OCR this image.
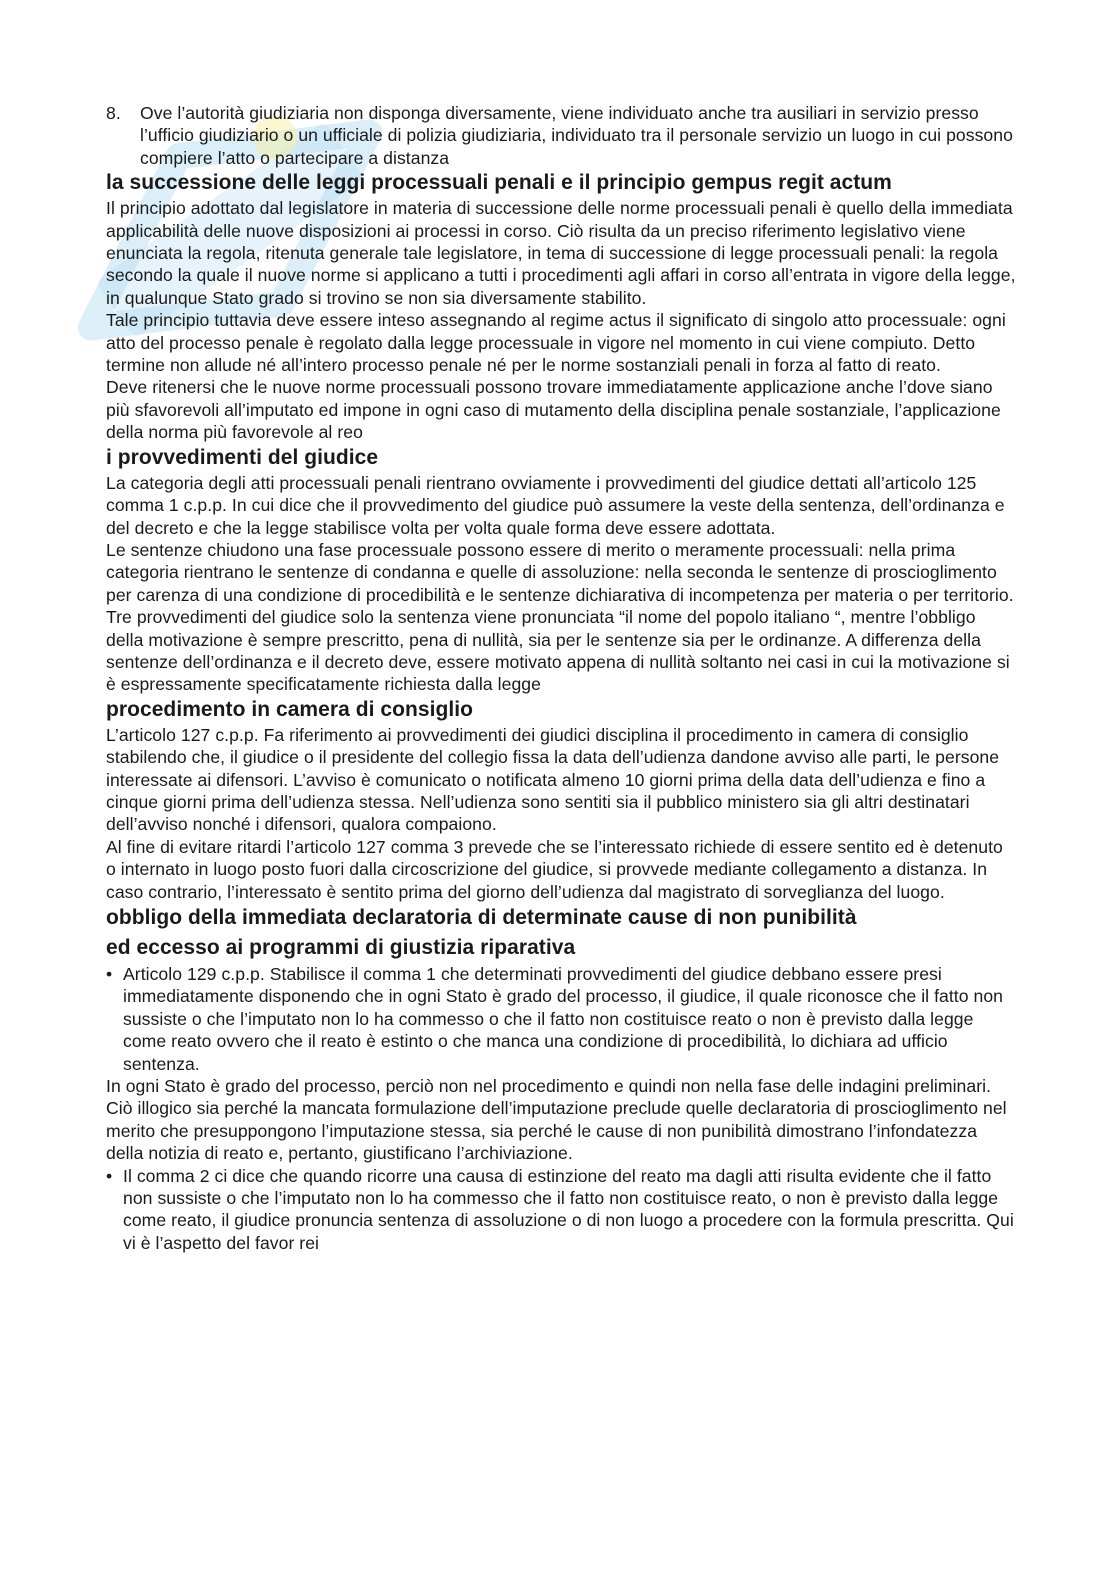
8.	Ove l’autorità giudiziaria non disponga diversamente, viene individuato anche tra ausiliari in servizio presso l’ufficio giudiziario o un ufficiale di polizia giudiziaria, individuato tra il personale servizio un luogo in cui possono compiere l’atto o partecipare a distanza
la successione delle leggi processuali penali e il principio gempus regit actum

Il principio adottato dal legislatore in materia di successione delle norme processuali penali è quello della immediata applicabilità delle nuove disposizioni ai processi in corso. Ciò risulta da un preciso riferimento legislativo viene enunciata la regola, ritenuta generale tale legislatore, in tema di successione di legge processuali penali: la regola secondo la quale il nuove norme si applicano a tutti i procedimenti agli affari in corso all’entrata in vigore della legge, in qualunque Stato grado si trovino se non sia diversamente stabilito.

Tale principio tuttavia deve essere inteso assegnando al regime actus il significato di singolo atto processuale: ogni atto del processo penale è regolato dalla legge processuale in vigore nel momento in cui viene compiuto. Detto termine non allude né all’intero processo penale né per le norme sostanziali penali in forza al fatto di reato.

Deve ritenersi che le nuove norme processuali possono trovare immediatamente applicazione anche l’dove siano più sfavorevoli all’imputato ed impone in ogni caso di mutamento della disciplina penale sostanziale, l’applicazione della norma più favorevole al reo

i provvedimenti del giudice

La categoria degli atti processuali penali rientrano ovviamente i provvedimenti del giudice dettati all’articolo 125 comma 1 c.p.p. In cui dice che il provvedimento del giudice può assumere la veste della sentenza, dell’ordinanza e del decreto e che la legge stabilisce volta per volta quale forma deve essere adottata.

Le sentenze chiudono una fase processuale possono essere di merito o meramente processuali: nella prima categoria rientrano le sentenze di condanna e quelle di assoluzione: nella seconda le sentenze di proscioglimento per carenza di una condizione di procedibilità e le sentenze dichiarativa di incompetenza per materia o per territorio.

Tre provvedimenti del giudice solo la sentenza viene pronunciata “il nome del popolo italiano “, mentre l’obbligo della motivazione è sempre prescritto, pena di nullità, sia per le sentenze sia per le ordinanze. A differenza della sentenze dell’ordinanza e il decreto deve, essere motivato appena di nullità soltanto nei casi in cui la motivazione si è espressamente specificatamente richiesta dalla legge

procedimento in camera di consiglio

L’articolo 127 c.p.p. Fa riferimento ai provvedimenti dei giudici disciplina il procedimento in camera di consiglio stabilendo che, il giudice o il presidente del collegio fissa la data dell’udienza dandone avviso alle parti, le persone interessate ai difensori. L’avviso è comunicato o notificata almeno 10 giorni prima della data dell’udienza e fino a cinque giorni prima dell’udienza stessa. Nell’udienza sono sentiti sia il pubblico ministero sia gli altri destinatari dell’avviso nonché i difensori, qualora compaiono.

Al fine di evitare ritardi l’articolo 127 comma 3 prevede che se l’interessato richiede di essere sentito ed è detenuto o internato in luogo posto fuori dalla circoscrizione del giudice, si provvede mediante collegamento a distanza. In caso contrario, l’interessato è sentito prima del giorno dell’udienza dal magistrato di sorveglianza del luogo.

obbligo della immediata declaratoria di determinate cause di non punibilità
ed eccesso ai programmi di giustizia riparativa
• Articolo 129 c.p.p. Stabilisce il comma 1 che determinati provvedimenti del giudice debbano essere presi immediatamente disponendo che in ogni Stato è grado del processo, il giudice, il quale riconosce che il fatto non sussiste o che l’imputato non lo ha commesso o che il fatto non costituisce reato o non è previsto dalla legge come reato ovvero che il reato è estinto o che manca una condizione di procedibilità, lo dichiara ad ufficio sentenza.

In ogni Stato è grado del processo, perciò non nel procedimento e quindi non nella fase delle indagini preliminari.

Ciò illogico sia perché la mancata formulazione dell’imputazione preclude quelle declaratoria di proscioglimento nel merito che presuppongono l’imputazione stessa, sia perché le cause di non punibilità dimostrano l’infondatezza della notizia di reato e, pertanto, giustificano l’archiviazione.

• Il comma 2 ci dice che quando ricorre una causa di estinzione del reato ma dagli atti risulta evidente che il fatto non sussiste o che l’imputato non lo ha commesso che il fatto non costituisce reato, o non è previsto dalla legge come reato, il giudice pronuncia sentenza di assoluzione o di non luogo a procedere con la formula prescritta. Qui vi è l’aspetto del favor rei
